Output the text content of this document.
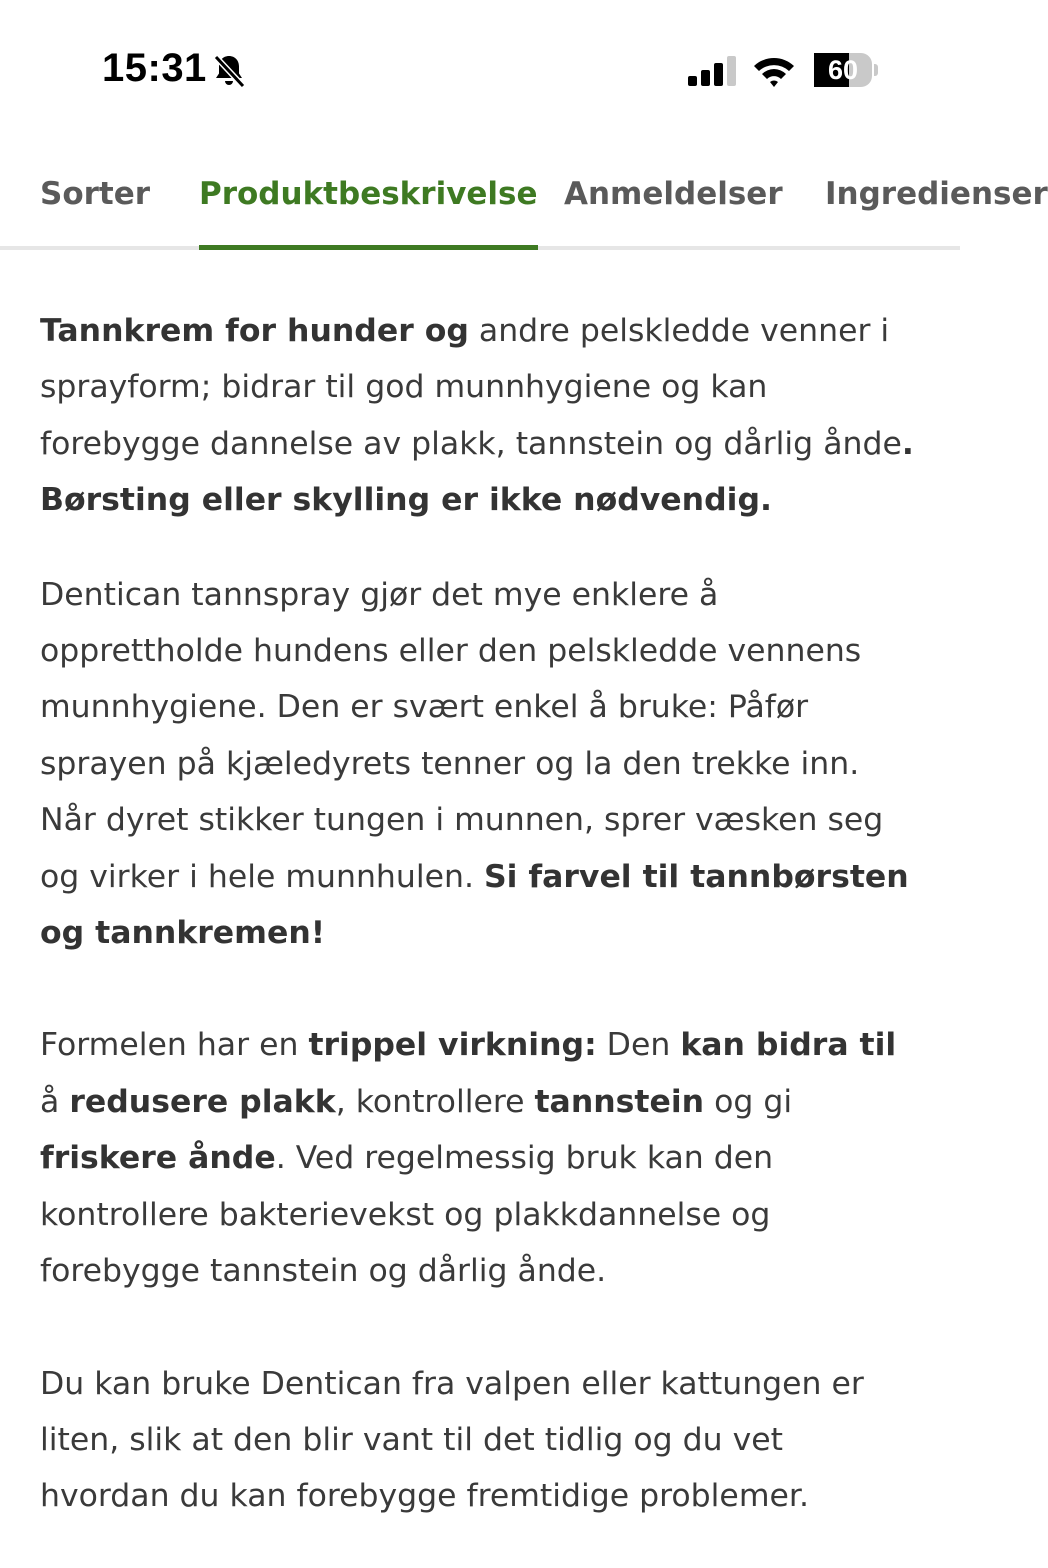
15:31	60
Sorter Produktbeskrivelse Anmeldelser Ingredienser

Tannkrem for hunder og andre pelskledde venner i sprayform; bidrar til god munnhygiene og kan forebygge dannelse av plakk, tannstein og dårlig ånde. Børsting eller skylling er ikke nødvendig.

Dentican tannspray gjør det mye enklere å opprettholde hundens eller den pelskledde vennens munnhygiene. Den er svært enkel å bruke: Påfør sprayen på kjæledyrets tenner og la den trekke inn. Når dyret stikker tungen i munnen, sprer væsken seg og virker i hele munnhulen. Si farvel til tannbørsten og tannkremen!

Formelen har en trippel virkning: Den kan bidra til å redusere plakk, kontrollere tannstein og gi friskere ånde. Ved regelmessig bruk kan den kontrollere bakterievekst og plakkdannelse og forebygge tannstein og dårlig ånde.

Du kan bruke Dentican fra valpen eller kattungen er liten, slik at den blir vant til det tidlig og du vet hvordan du kan forebygge fremtidige problemer.
